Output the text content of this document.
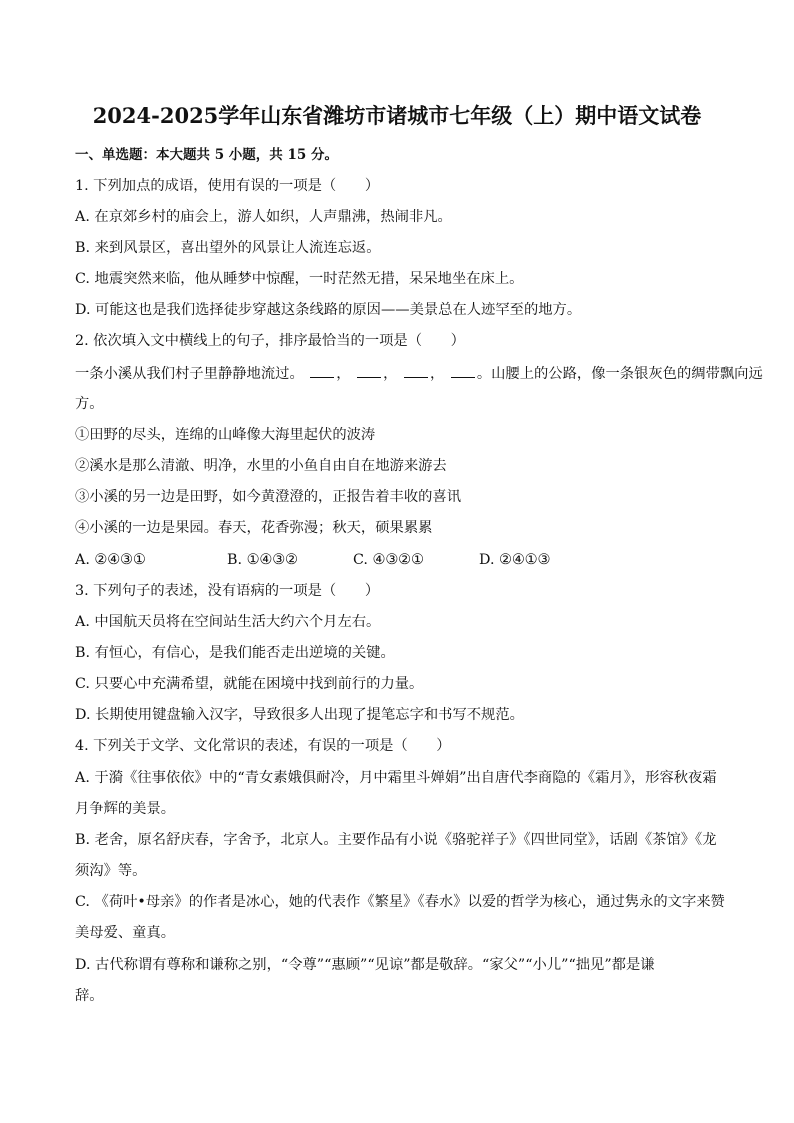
2024-2025学年山东省潍坊市诸城市七年级（上）期中语文试卷
一、单选题：本大题共 5 小题，共 15 分。
1. 下列加点的成语，使用有误的一项是（　　）
A. 在京郊乡村的庙会上，游人如织，人声鼎沸，热闹非凡。
B. 来到风景区，喜出望外的风景让人流连忘返。
C. 地震突然来临，他从睡梦中惊醒，一时茫然无措，呆呆地坐在床上。
D. 可能这也是我们选择徒步穿越这条线路的原因——美景总在人迹罕至的地方。
2. 依次填入文中横线上的句子，排序最恰当的一项是（　　）
一条小溪从我们村子里静静地流过。 ， ， ， 。山腰上的公路，像一条银灰色的绸带飘向远
方。
①田野的尽头，连绵的山峰像大海里起伏的波涛
②溪水是那么清澈、明净，水里的小鱼自由自在地游来游去
③小溪的另一边是田野，如今黄澄澄的，正报告着丰收的喜讯
④小溪的一边是果园。春天，花香弥漫；秋天，硕果累累
A. ②④③①	B. ①④③②	C. ④③②①	D. ②④①③
3. 下列句子的表述，没有语病的一项是（　　）
A. 中国航天员将在空间站生活大约六个月左右。
B. 有恒心，有信心，是我们能否走出逆境的关键。
C. 只要心中充满希望，就能在困境中找到前行的力量。
D. 长期使用键盘输入汉字，导致很多人出现了提笔忘字和书写不规范。
4. 下列关于文学、文化常识的表述，有误的一项是（　　）
A. 于漪《往事依依》中的“青女素娥俱耐冷，月中霜里斗婵娟”出自唐代李商隐的《霜月》，形容秋夜霜
月争辉的美景。
B. 老舍，原名舒庆春，字舍予，北京人。主要作品有小说《骆驼祥子》《四世同堂》，话剧《茶馆》《龙
须沟》等。
C. 《荷叶•母亲》的作者是冰心，她的代表作《繁星》《春水》以爱的哲学为核心，通过隽永的文字来赞
美母爱、童真。
D. 古代称谓有尊称和谦称之别，“令尊”“惠顾”“见谅”都是敬辞。“家父”“小儿”“拙见”都是谦
辞。
